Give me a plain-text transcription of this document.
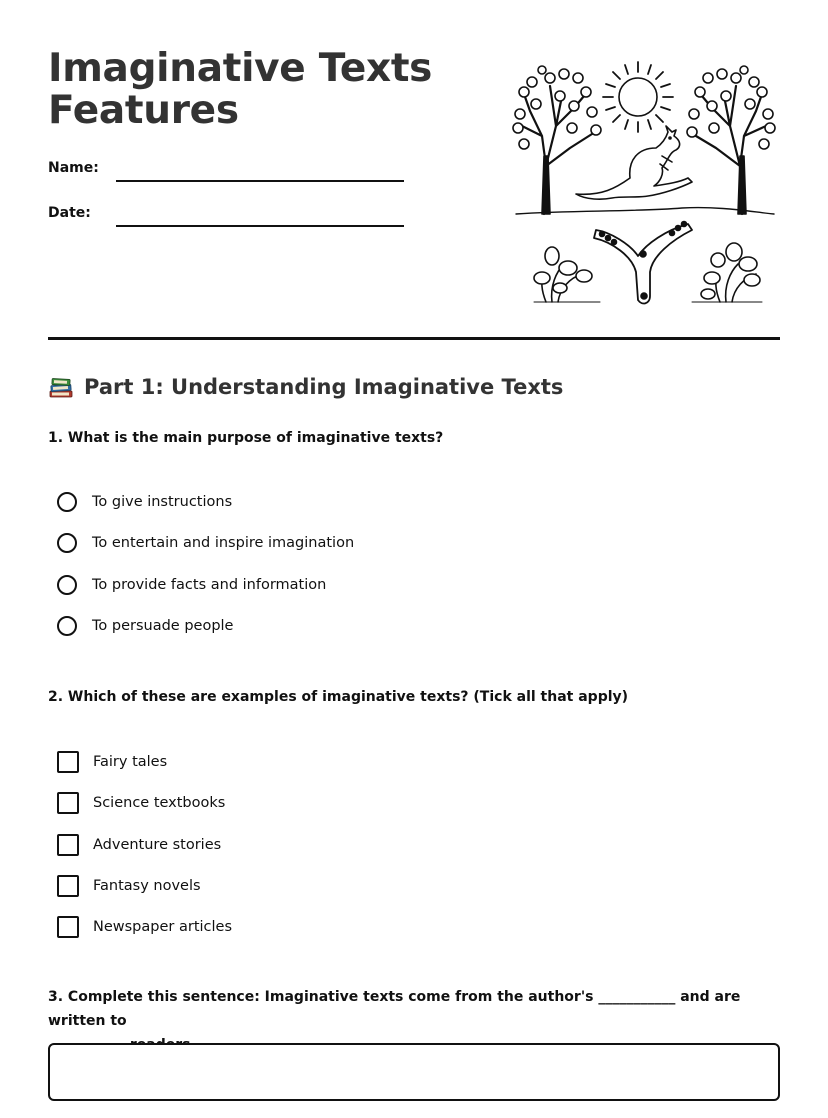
Imaginative Texts
Features
Name:
Date:
Part 1: Understanding Imaginative Texts
1. What is the main purpose of imaginative texts?
To give instructions
To entertain and inspire imagination
To provide facts and information
To persuade people
2. Which of these are examples of imaginative texts? (Tick all that apply)
Fairy tales
Science textbooks
Adventure stories
Fantasy novels
Newspaper articles
3. Complete this sentence: Imaginative texts come from the author's ___________ and are written to
